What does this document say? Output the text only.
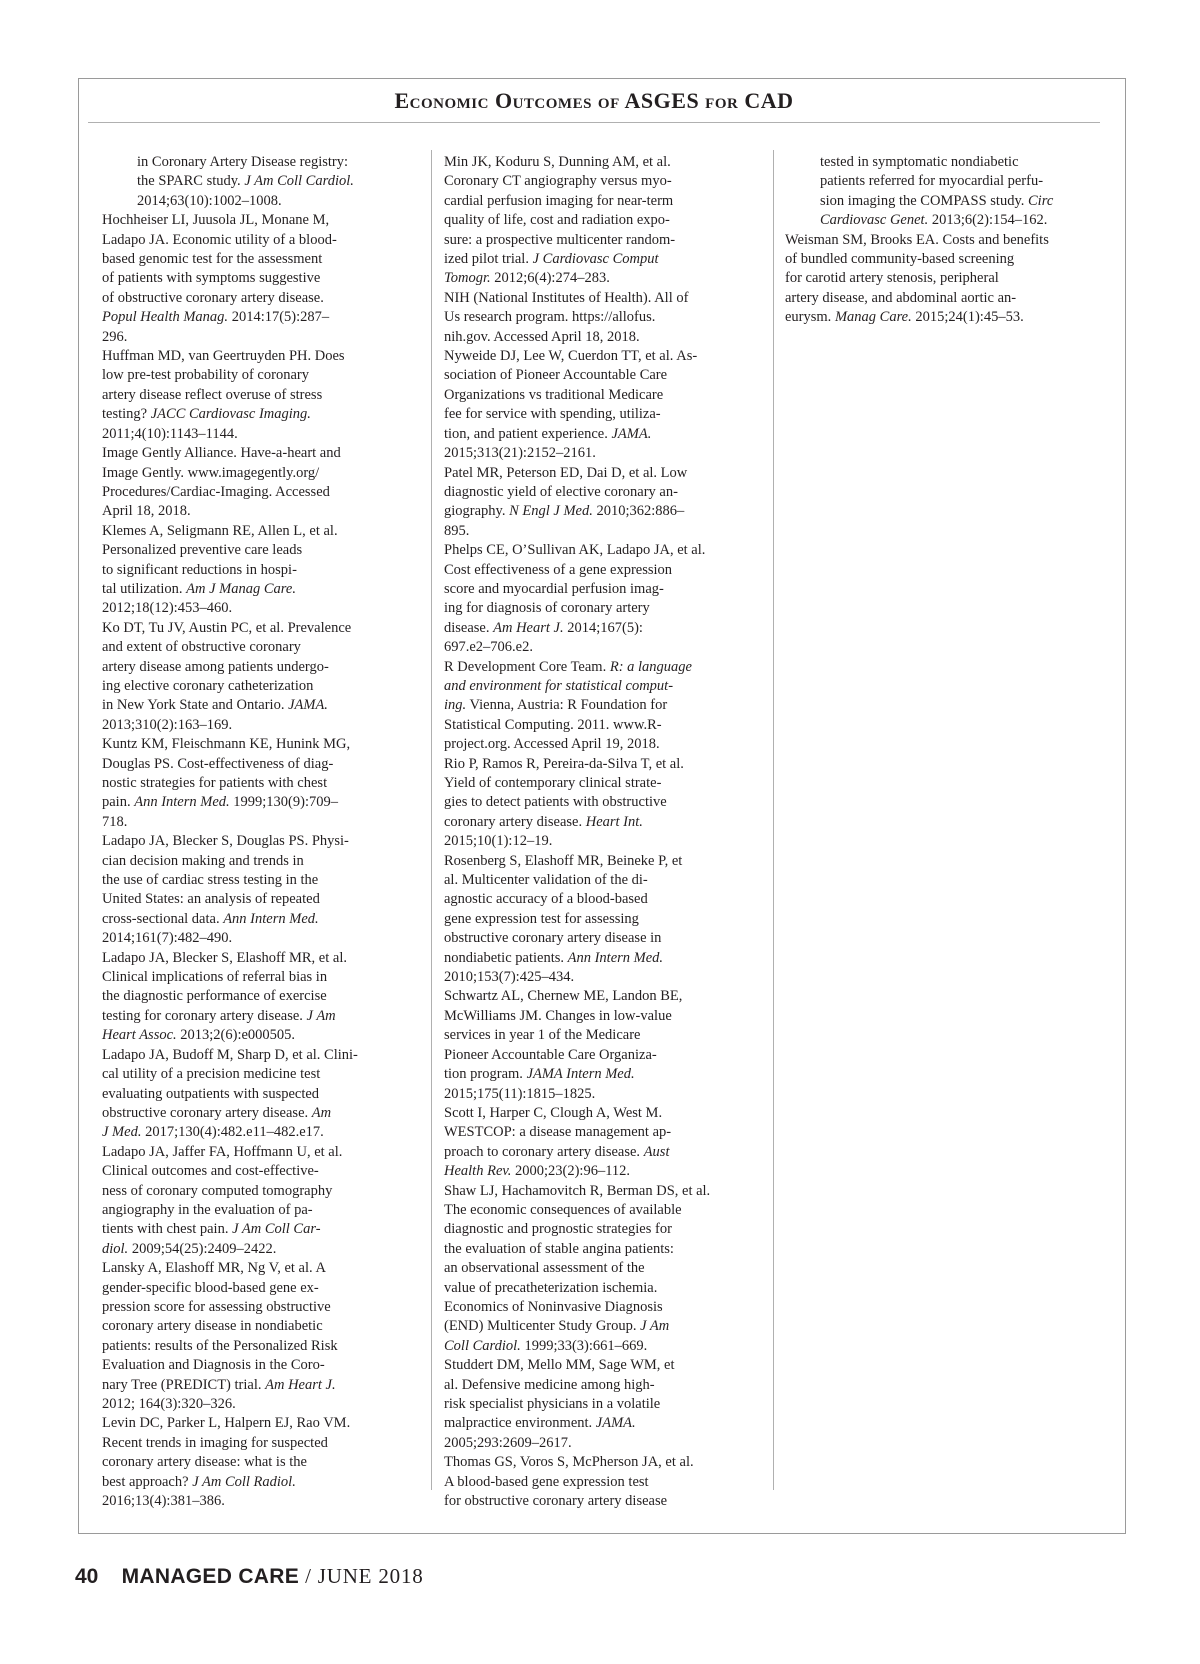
Economic Outcomes of ASGES for CAD
in Coronary Artery Disease registry:
the SPARC study. J Am Coll Cardiol.
2014;63(10):1002–1008.
Hochheiser LI, Juusola JL, Monane M,
Ladapo JA. Economic utility of a blood-
based genomic test for the assessment
of patients with symptoms suggestive
of obstructive coronary artery disease.
Popul Health Manag. 2014:17(5):287–
296.
Huffman MD, van Geertruyden PH. Does
low pre-test probability of coronary
artery disease reflect overuse of stress
testing? JACC Cardiovasc Imaging.
2011;4(10):1143–1144.
Image Gently Alliance. Have-a-heart and
Image Gently. www.imagegently.org/
Procedures/Cardiac-Imaging. Accessed
April 18, 2018.
Klemes A, Seligmann RE, Allen L, et al.
Personalized preventive care leads
to significant reductions in hospi-
tal utilization. Am J Manag Care.
2012;18(12):453–460.
Ko DT, Tu JV, Austin PC, et al. Prevalence
and extent of obstructive coronary
artery disease among patients undergo-
ing elective coronary catheterization
in New York State and Ontario. JAMA.
2013;310(2):163–169.
Kuntz KM, Fleischmann KE, Hunink MG,
Douglas PS. Cost-effectiveness of diag-
nostic strategies for patients with chest
pain. Ann Intern Med. 1999;130(9):709–
718.
Ladapo JA, Blecker S, Douglas PS. Physi-
cian decision making and trends in
the use of cardiac stress testing in the
United States: an analysis of repeated
cross-sectional data. Ann Intern Med.
2014;161(7):482–490.
Ladapo JA, Blecker S, Elashoff MR, et al.
Clinical implications of referral bias in
the diagnostic performance of exercise
testing for coronary artery disease. J Am
Heart Assoc. 2013;2(6):e000505.
Ladapo JA, Budoff M, Sharp D, et al. Clini-
cal utility of a precision medicine test
evaluating outpatients with suspected
obstructive coronary artery disease. Am
J Med. 2017;130(4):482.e11–482.e17.
Ladapo JA, Jaffer FA, Hoffmann U, et al.
Clinical outcomes and cost-effective-
ness of coronary computed tomography
angiography in the evaluation of pa-
tients with chest pain. J Am Coll Car-
diol. 2009;54(25):2409–2422.
Lansky A, Elashoff MR, Ng V, et al. A
gender-specific blood-based gene ex-
pression score for assessing obstructive
coronary artery disease in nondiabetic
patients: results of the Personalized Risk
Evaluation and Diagnosis in the Coro-
nary Tree (PREDICT) trial. Am Heart J.
2012; 164(3):320–326.
Levin DC, Parker L, Halpern EJ, Rao VM.
Recent trends in imaging for suspected
coronary artery disease: what is the
best approach? J Am Coll Radiol.
2016;13(4):381–386.
Min JK, Koduru S, Dunning AM, et al.
Coronary CT angiography versus myo-
cardial perfusion imaging for near-term
quality of life, cost and radiation expo-
sure: a prospective multicenter random-
ized pilot trial. J Cardiovasc Comput
Tomogr. 2012;6(4):274–283.
NIH (National Institutes of Health). All of
Us research program. https://allofus.
nih.gov. Accessed April 18, 2018.
Nyweide DJ, Lee W, Cuerdon TT, et al. As-
sociation of Pioneer Accountable Care
Organizations vs traditional Medicare
fee for service with spending, utiliza-
tion, and patient experience. JAMA.
2015;313(21):2152–2161.
Patel MR, Peterson ED, Dai D, et al. Low
diagnostic yield of elective coronary an-
giography. N Engl J Med. 2010;362:886–
895.
Phelps CE, O’Sullivan AK, Ladapo JA, et al.
Cost effectiveness of a gene expression
score and myocardial perfusion imag-
ing for diagnosis of coronary artery
disease. Am Heart J. 2014;167(5):
697.e2–706.e2.
R Development Core Team. R: a language
and environment for statistical comput-
ing. Vienna, Austria: R Foundation for
Statistical Computing. 2011. www.R-
project.org. Accessed April 19, 2018.
Rio P, Ramos R, Pereira-da-Silva T, et al.
Yield of contemporary clinical strate-
gies to detect patients with obstructive
coronary artery disease. Heart Int.
2015;10(1):12–19.
Rosenberg S, Elashoff MR, Beineke P, et
al. Multicenter validation of the di-
agnostic accuracy of a blood-based
gene expression test for assessing
obstructive coronary artery disease in
nondiabetic patients. Ann Intern Med.
2010;153(7):425–434.
Schwartz AL, Chernew ME, Landon BE,
McWilliams JM. Changes in low-value
services in year 1 of the Medicare
Pioneer Accountable Care Organiza-
tion program. JAMA Intern Med.
2015;175(11):1815–1825.
Scott I, Harper C, Clough A, West M.
WESTCOP: a disease management ap-
proach to coronary artery disease. Aust
Health Rev. 2000;23(2):96–112.
Shaw LJ, Hachamovitch R, Berman DS, et al.
The economic consequences of available
diagnostic and prognostic strategies for
the evaluation of stable angina patients:
an observational assessment of the
value of precatheterization ischemia.
Economics of Noninvasive Diagnosis
(END) Multicenter Study Group. J Am
Coll Cardiol. 1999;33(3):661–669.
Studdert DM, Mello MM, Sage WM, et
al. Defensive medicine among high-
risk specialist physicians in a volatile
malpractice environment. JAMA.
2005;293:2609–2617.
Thomas GS, Voros S, McPherson JA, et al.
A blood-based gene expression test
for obstructive coronary artery disease
tested in symptomatic nondiabetic
patients referred for myocardial perfu-
sion imaging the COMPASS study. Circ
Cardiovasc Genet. 2013;6(2):154–162.
Weisman SM, Brooks EA. Costs and benefits
of bundled community-based screening
for carotid artery stenosis, peripheral
artery disease, and abdominal aortic an-
eurysm. Manag Care. 2015;24(1):45–53.
40 MANAGED CARE / JUNE 2018
